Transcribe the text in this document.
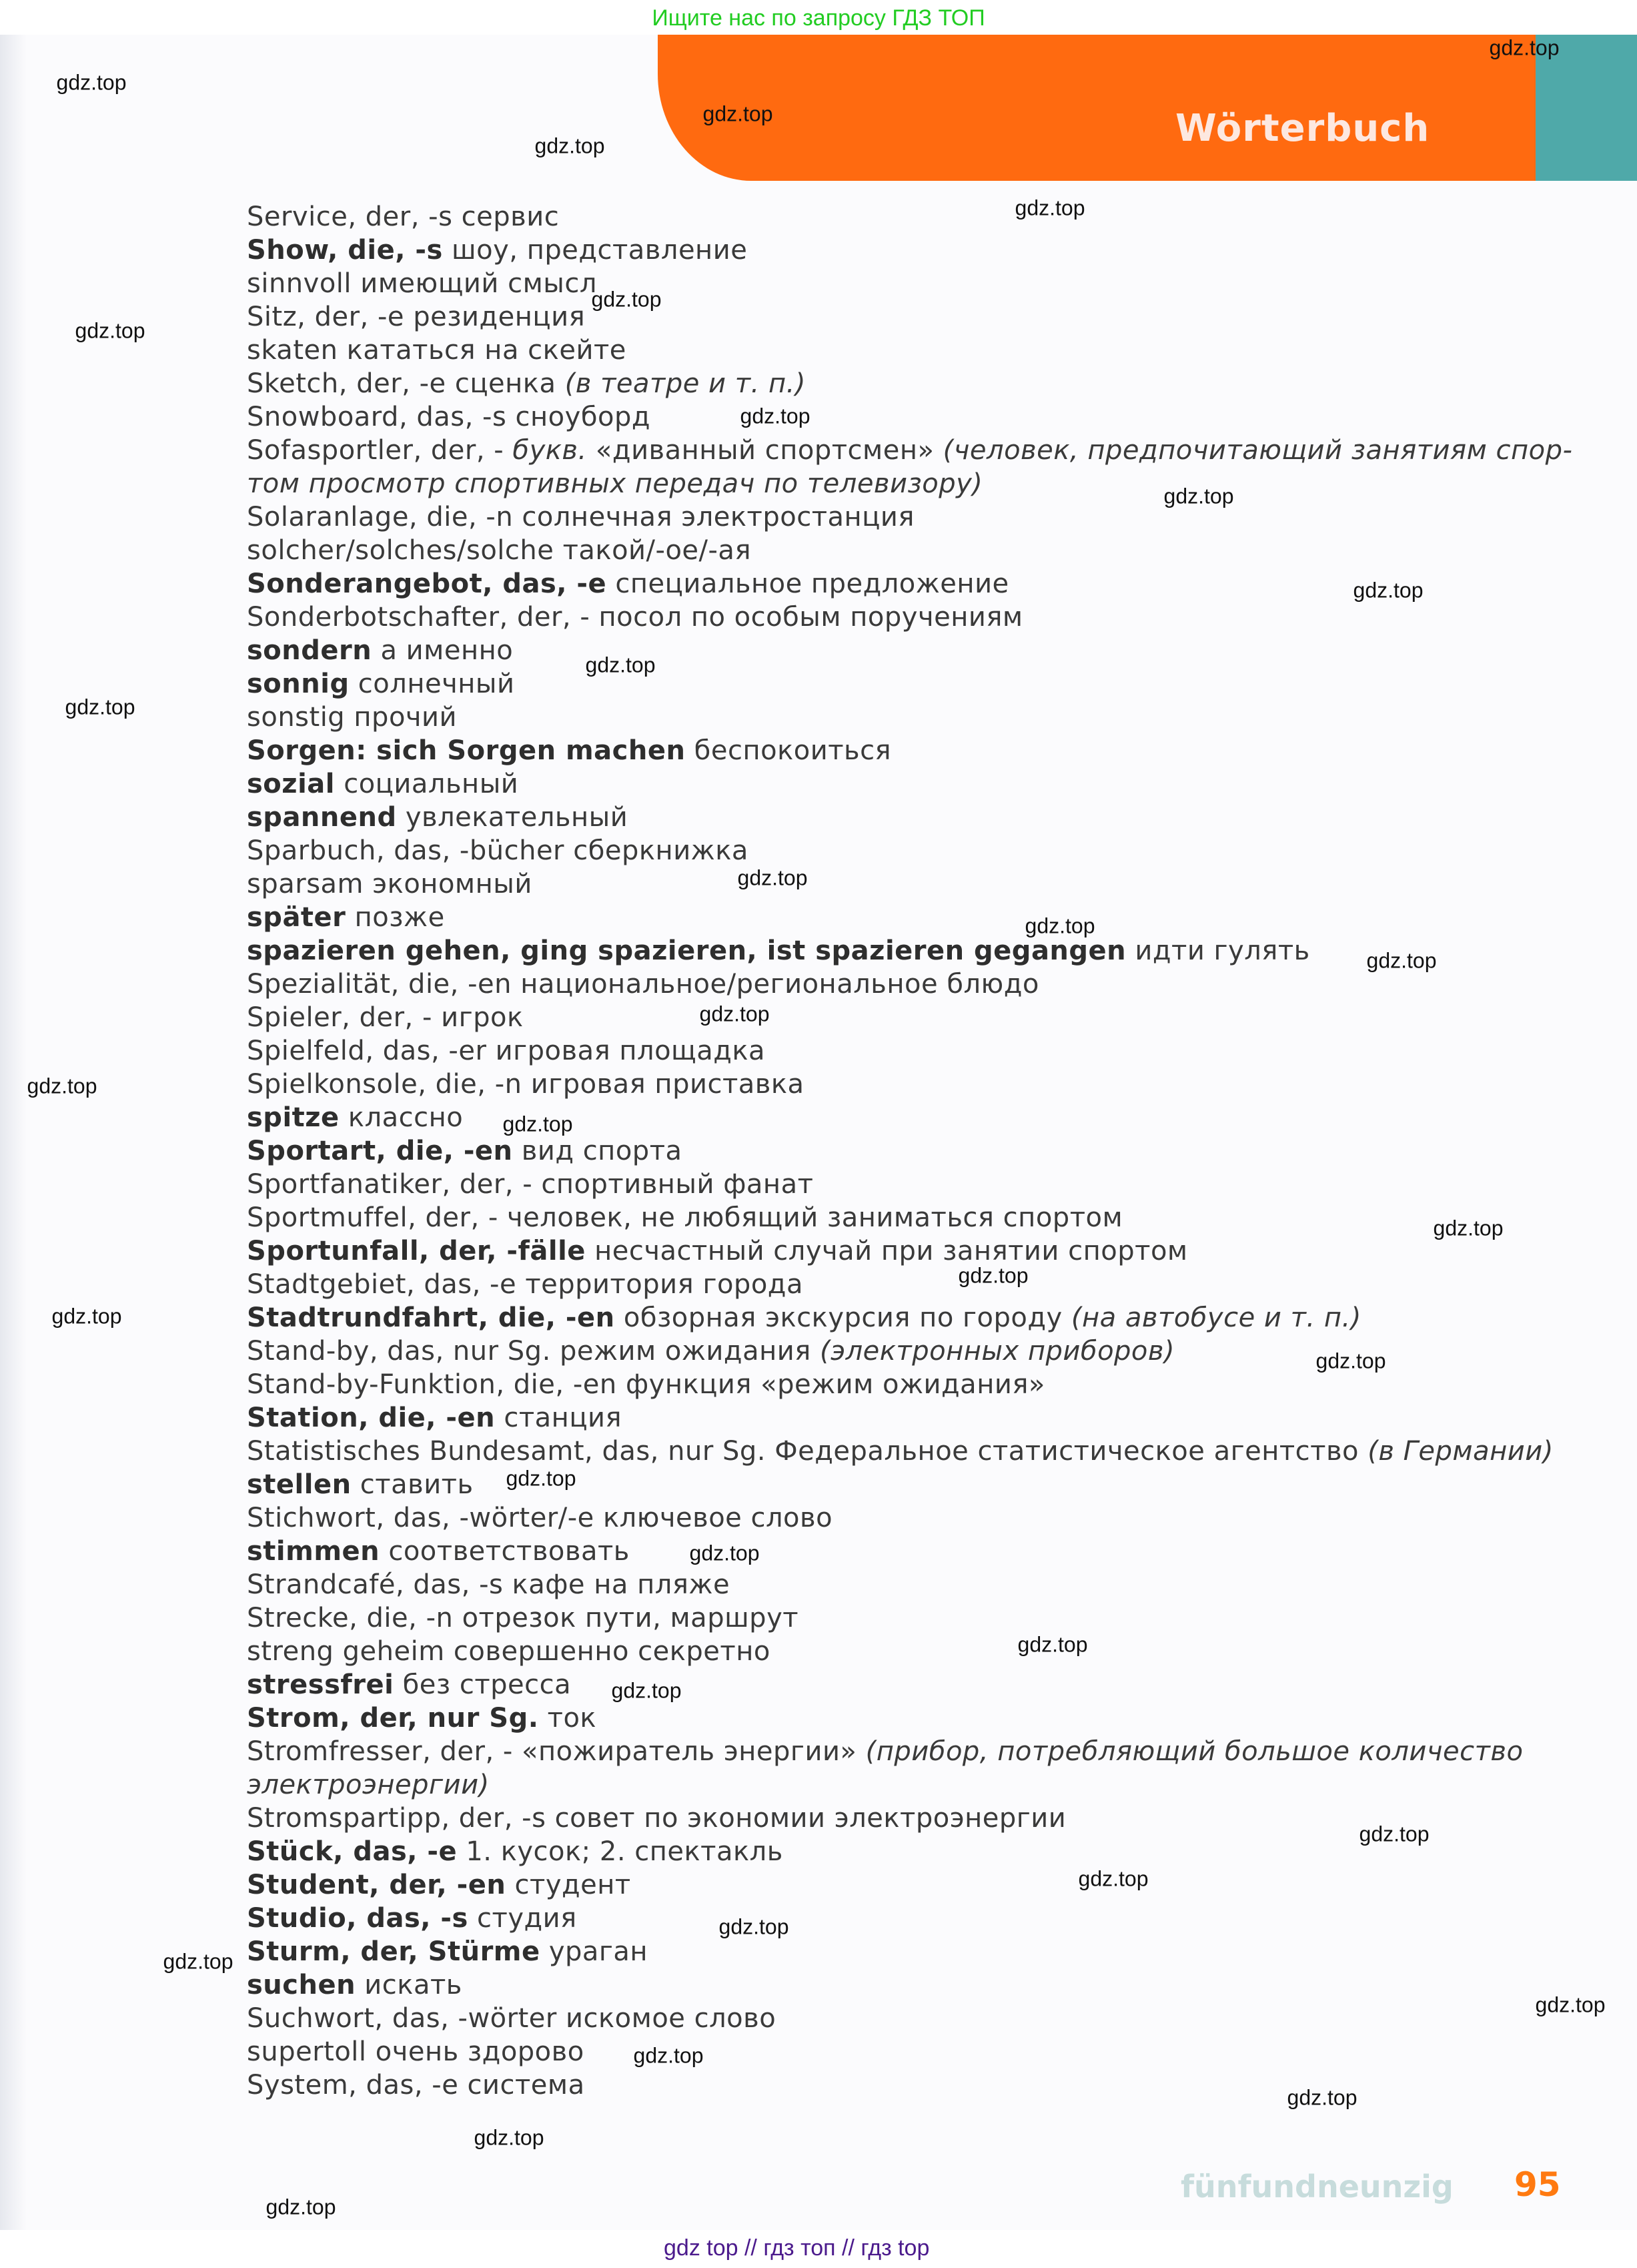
Ищите нас по запросу ГДЗ ТОП
Wörterbuch
Service, der, -s сервис
Show, die, -s шоу, представление
sinnvoll имеющий смысл
Sitz, der, -e резиденция
skaten кататься на скейте
Sketch, der, -e сценка (в театре и т. п.)
Snowboard, das, -s сноуборд
Sofasportler, der, - букв. «диванный спортсмен» (человек, предпочитающий занятиям спор-
том просмотр спортивных передач по телевизору)
Solaranlage, die, -n солнечная электростанция
solcher/solches/solche такой/-ое/-ая
Sonderangebot, das, -e специальное предложение
Sonderbotschafter, der, - посол по особым поручениям
sondern а именно
sonnig солнечный
sonstig прочий
Sorgen: sich Sorgen machen беспокоиться
sozial социальный
spannend увлекательный
Sparbuch, das, -bücher сберкнижка
sparsam экономный
später позже
spazieren gehen, ging spazieren, ist spazieren gegangen идти гулять
Spezialität, die, -en национальное/региональное блюдо
Spieler, der, - игрок
Spielfeld, das, -er игровая площадка
Spielkonsole, die, -n игровая приставка
spitze классно
Sportart, die, -en вид спорта
Sportfanatiker, der, - спортивный фанат
Sportmuffel, der, - человек, не любящий заниматься спортом
Sportunfall, der, -fälle несчастный случай при занятии спортом
Stadtgebiet, das, -e территория города
Stadtrundfahrt, die, -en обзорная экскурсия по городу (на автобусе и т. п.)
Stand-by, das, nur Sg. режим ожидания (электронных приборов)
Stand-by-Funktion, die, -en функция «режим ожидания»
Station, die, -en станция
Statistisches Bundesamt, das, nur Sg. Федеральное статистическое агентство (в Германии)
stellen ставить
Stichwort, das, -wörter/-e ключевое слово
stimmen соответствовать
Strandcafé, das, -s кафе на пляже
Strecke, die, -n отрезок пути, маршрут
streng geheim совершенно секретно
stressfrei без стресса
Strom, der, nur Sg. ток
Stromfresser, der, - «пожиратель энергии» (прибор, потребляющий большое количество
электроэнергии)
Stromspartipp, der, -s совет по экономии электроэнергии
Stück, das, -e 1. кусок; 2. спектакль
Student, der, -en студент
Studio, das, -s студия
Sturm, der, Stürme ураган
suchen искать
Suchwort, das, -wörter искомое слово
supertoll очень здорово
System, das, -e система
gdz.top
gdz.top
gdz.top
gdz.top
gdz.top
gdz.top
gdz.top
gdz.top
gdz.top
gdz.top
gdz.top
gdz.top
gdz.top
gdz.top
gdz.top
gdz.top
gdz.top
gdz.top
gdz.top
gdz.top
gdz.top
gdz.top
gdz.top
gdz.top
gdz.top
gdz.top
gdz.top
gdz.top
gdz.top
gdz.top
gdz.top
gdz.top
gdz.top
gdz.top
gdz.top
fünfundneunzig 95
gdz top // гдз топ // гдз top
